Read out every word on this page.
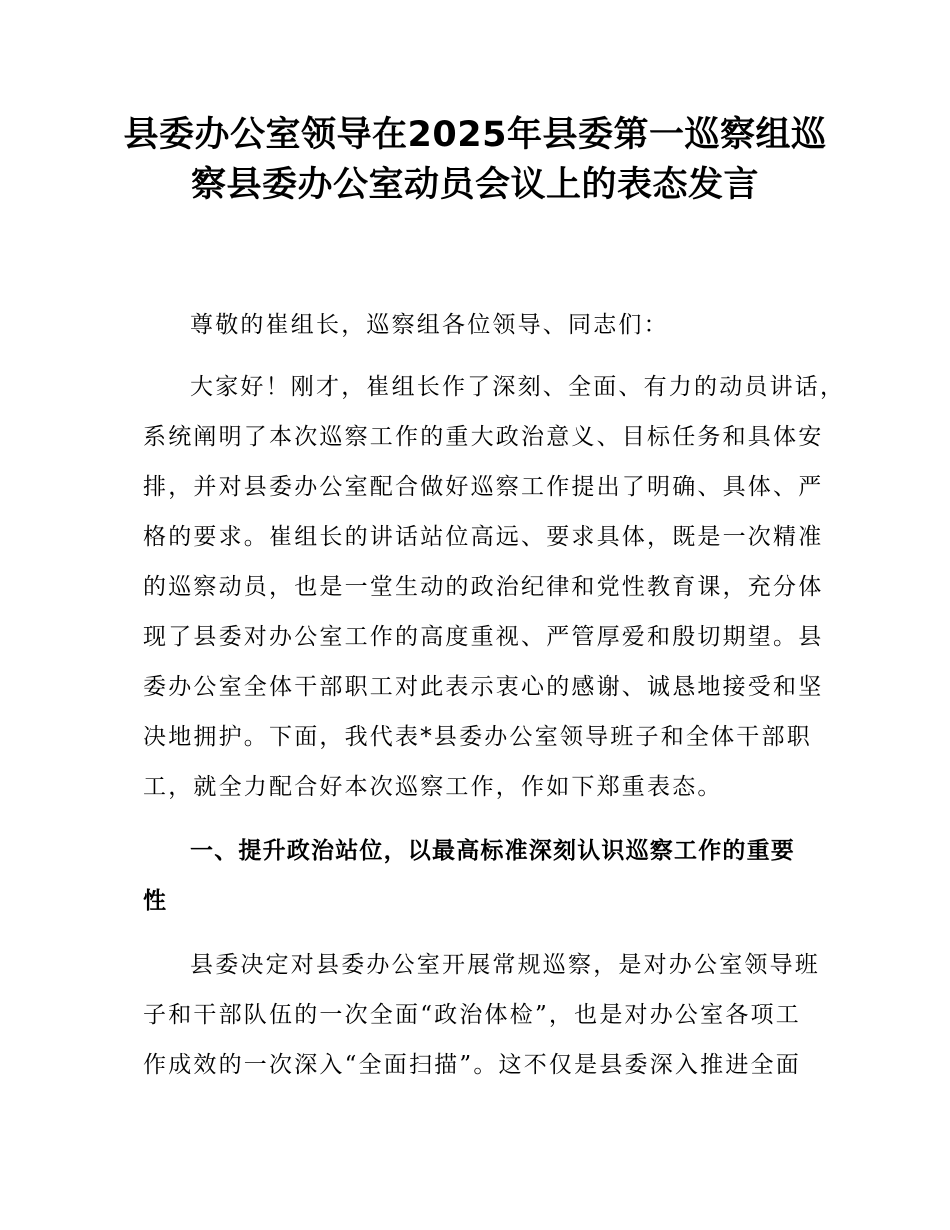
县委办公室领导在2025年县委第一巡察组巡
察县委办公室动员会议上的表态发言
尊敬的崔组长，巡察组各位领导、同志们：
大家好！刚才，崔组长作了深刻、全面、有力的动员讲话，
系统阐明了本次巡察工作的重大政治意义、目标任务和具体安
排，并对县委办公室配合做好巡察工作提出了明确、具体、严
格的要求。崔组长的讲话站位高远、要求具体，既是一次精准
的巡察动员，也是一堂生动的政治纪律和党性教育课，充分体
现了县委对办公室工作的高度重视、严管厚爱和殷切期望。县
委办公室全体干部职工对此表示衷心的感谢、诚恳地接受和坚
决地拥护。下面，我代表*县委办公室领导班子和全体干部职
工，就全力配合好本次巡察工作，作如下郑重表态。
一、提升政治站位，以最高标准深刻认识巡察工作的重要
性
县委决定对县委办公室开展常规巡察，是对办公室领导班
子和干部队伍的一次全面“政治体检”，也是对办公室各项工
作成效的一次深入“全面扫描”。这不仅是县委深入推进全面
